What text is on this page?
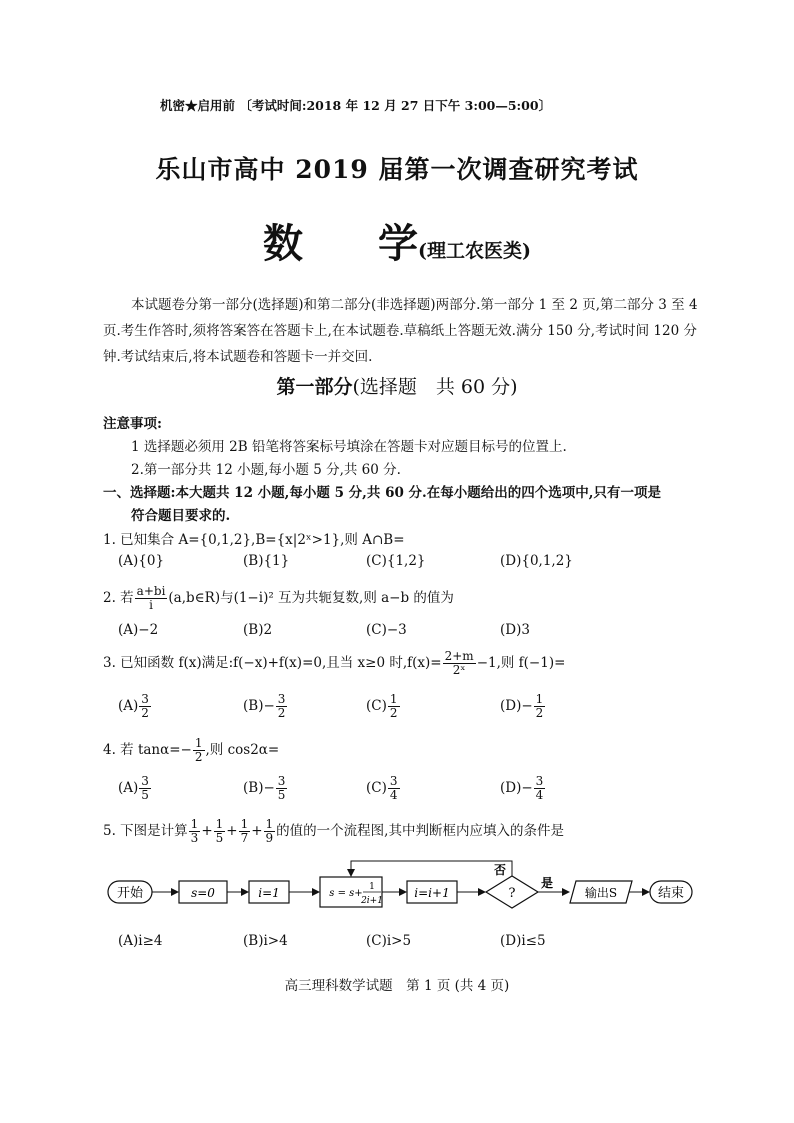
机密★启用前 〔考试时间:2018 年 12 月 27 日下午 3:00—5:00〕
乐山市高中 2019 届第一次调查研究考试
数 学(理工农医类)
本试题卷分第一部分(选择题)和第二部分(非选择题)两部分.第一部分 1 至 2 页,第二部分 3 至 4 页.考生作答时,须将答案答在答题卡上,在本试题卷.草稿纸上答题无效.满分 150 分,考试时间 120 分钟.考试结束后,将本试题卷和答题卡一并交回.
第一部分(选择题　共 60 分)
注意事项:
1 选择题必须用 2B 铅笔将答案标号填涂在答题卡对应题目标号的位置上.
2.第一部分共 12 小题,每小题 5 分,共 60 分.
一、选择题:本大题共 12 小题,每小题 5 分,共 60 分.在每小题给出的四个选项中,只有一项是
符合题目要求的.
1. 已知集合 A={0,1,2},B={x|2ˣ>1},则 A∩B=
(A){0}	(B){1}	(C){1,2}	(D){0,1,2}
2. 若 $\frac{a+bi}{i}$ (a,b∈R)与(1−i)² 互为共轭复数,则 a−b 的值为
(A)−2	(B)2	(C)−3	(D)3
3. 已知函数 f(x)满足:f(−x)+f(x)=0,且当 x≥0 时$,f(x)= \frac{2+m}{\text{2ˣ}} -1$,则 f(−1)=
$(A) \frac{3}{2}$	$(B)- \frac{3}{2}$	$(C) \frac{1}{2}$	$(D)- \frac{1}{2}$
4. 若 $\tan\alpha=- \frac{1}{2}$ ,则 cos2α=
$(A) \frac{3}{5}$	$(B)- \frac{3}{5}$	$(C) \frac{3}{4}$	$(D)- \frac{3}{4}$
5. 下图是计算 $\frac{1}{3} + \frac{1}{5} + \frac{1}{7} + \frac{1}{9}$ 的值的一个流程图,其中判断框内应填入的条件是
开始	s=0	i=1	s = s+
1
2i+1
i=i+1	?
否
是
输出S	结束
(A)i≥4	(B)i>4	(C)i>5	(D)i≤5
高三理科数学试题　第 1 页 (共 4 页)
